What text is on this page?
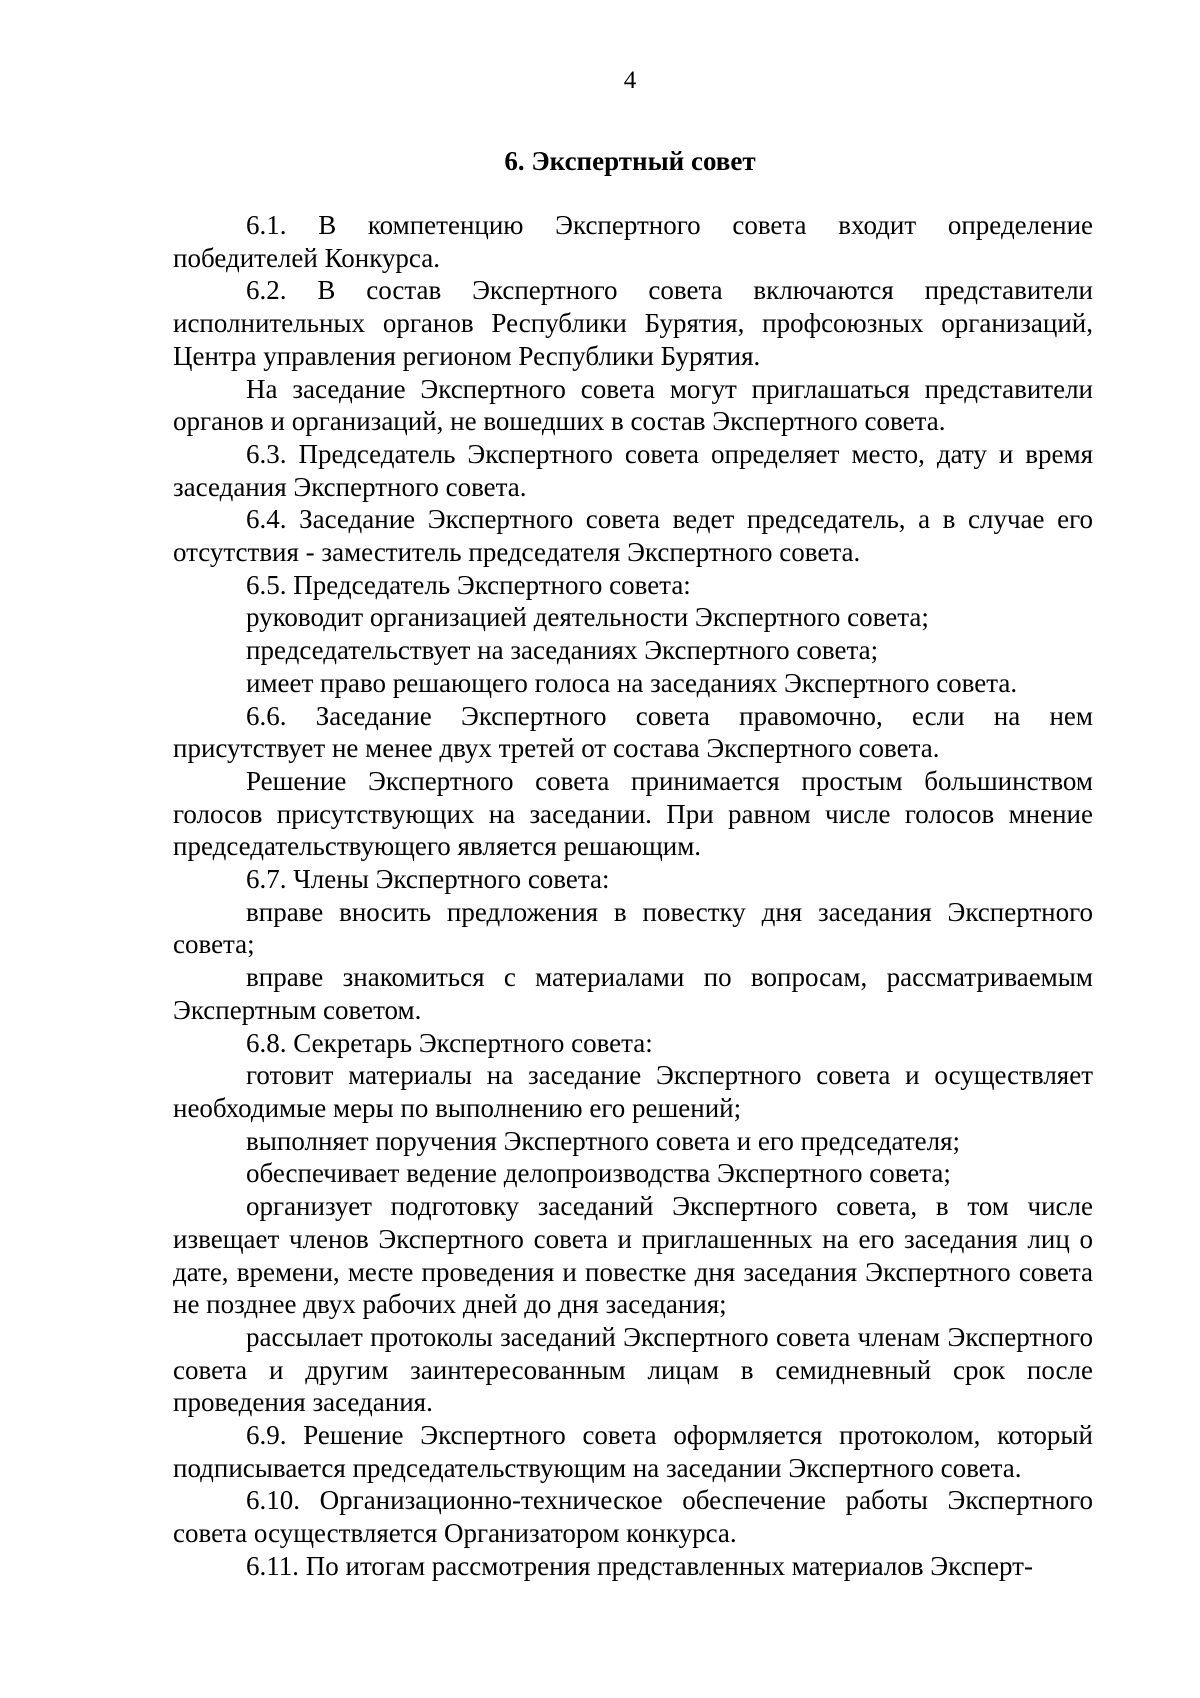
4
6. Экспертный совет

6.1. В компетенцию Экспертного совета входит определение победителей Конкурса.

6.2. В состав Экспертного совета включаются представители исполнительных органов Республики Бурятия, профсоюзных организаций, Центра управления регионом Республики Бурятия.

На заседание Экспертного совета могут приглашаться представители органов и организаций, не вошедших в состав Экспертного совета.

6.3. Председатель Экспертного совета определяет место, дату и время заседания Экспертного совета.

6.4. Заседание Экспертного совета ведет председатель, а в случае его отсутствия - заместитель председателя Экспертного совета.

6.5. Председатель Экспертного совета:

руководит организацией деятельности Экспертного совета;

председательствует на заседаниях Экспертного совета;

имеет право решающего голоса на заседаниях Экспертного совета.

6.6. Заседание Экспертного совета правомочно, если на нем присутствует не менее двух третей от состава Экспертного совета.

Решение Экспертного совета принимается простым большинством голосов присутствующих на заседании. При равном числе голосов мнение председательствующего является решающим.

6.7. Члены Экспертного совета:

вправе вносить предложения в повестку дня заседания Экспертного совета;

вправе знакомиться с материалами по вопросам, рассматриваемым Экспертным советом.

6.8. Секретарь Экспертного совета:

готовит материалы на заседание Экспертного совета и осуществляет необходимые меры по выполнению его решений;

выполняет поручения Экспертного совета и его председателя;

обеспечивает ведение делопроизводства Экспертного совета;

организует подготовку заседаний Экспертного совета, в том числе извещает членов Экспертного совета и приглашенных на его заседания лиц о дате, времени, месте проведения и повестке дня заседания Экспертного совета не позднее двух рабочих дней до дня заседания;

рассылает протоколы заседаний Экспертного совета членам Экспертного совета и другим заинтересованным лицам в семидневный срок после проведения заседания.

6.9. Решение Экспертного совета оформляется протоколом, который подписывается председательствующим на заседании Экспертного совета.

6.10. Организационно-техническое обеспечение работы Экспертного совета осуществляется Организатором конкурса.

6.11. По итогам рассмотрения представленных материалов Эксперт-
